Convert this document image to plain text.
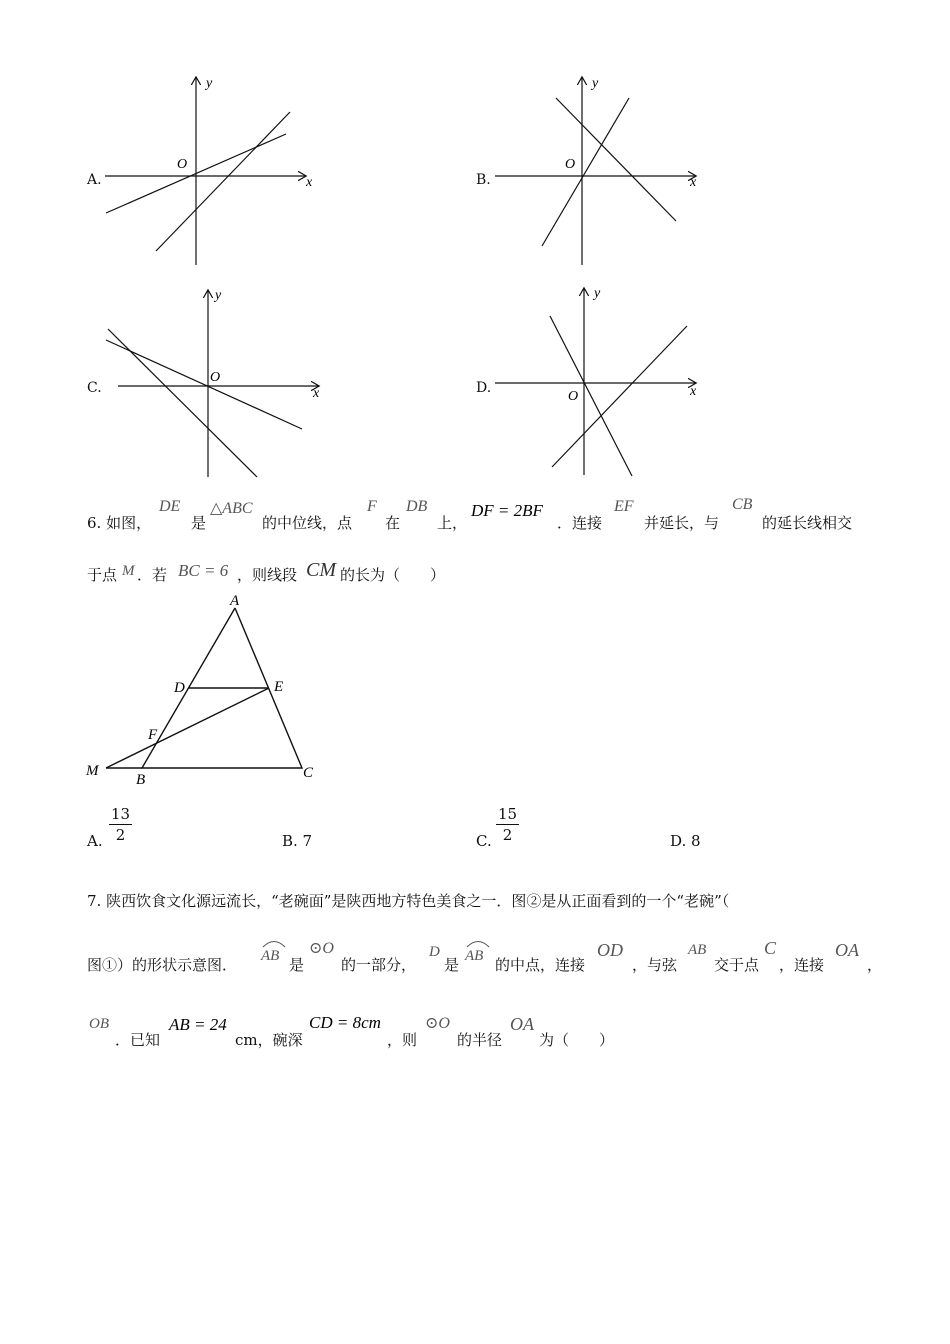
A.
y
x
O
B.
y
x
O
C.
y
x
O
D.
y
x
O
6. 如图，
DE
是
△ABC
的中位线，点
F
在
DB
上，
DF = 2BF
．连接
EF
并延长，与
CB
的延长线相交
于点 M ．若 BC = 6 ，则线段 CM 的长为（　　）
A
D	E
F
M
B	C
A. $\frac{13}{2}$	B. 7	C. $\frac{15}{2}$	D. 8
7. 陕西饮食文化源远流长，“老碗面”是陕西地方特色美食之一．图②是从正面看到的一个“老碗”（
图①）的形状示意图． AB 是
⊙O
的一部分，
D
是 AB 的中点，连接
OD
，与弦
AB
交于点
C
，连接
OA
，
OB
．已知
AB = 24
cm，碗深
CD = 8cm
，则
⊙O
的半径
OA
为（　　）
